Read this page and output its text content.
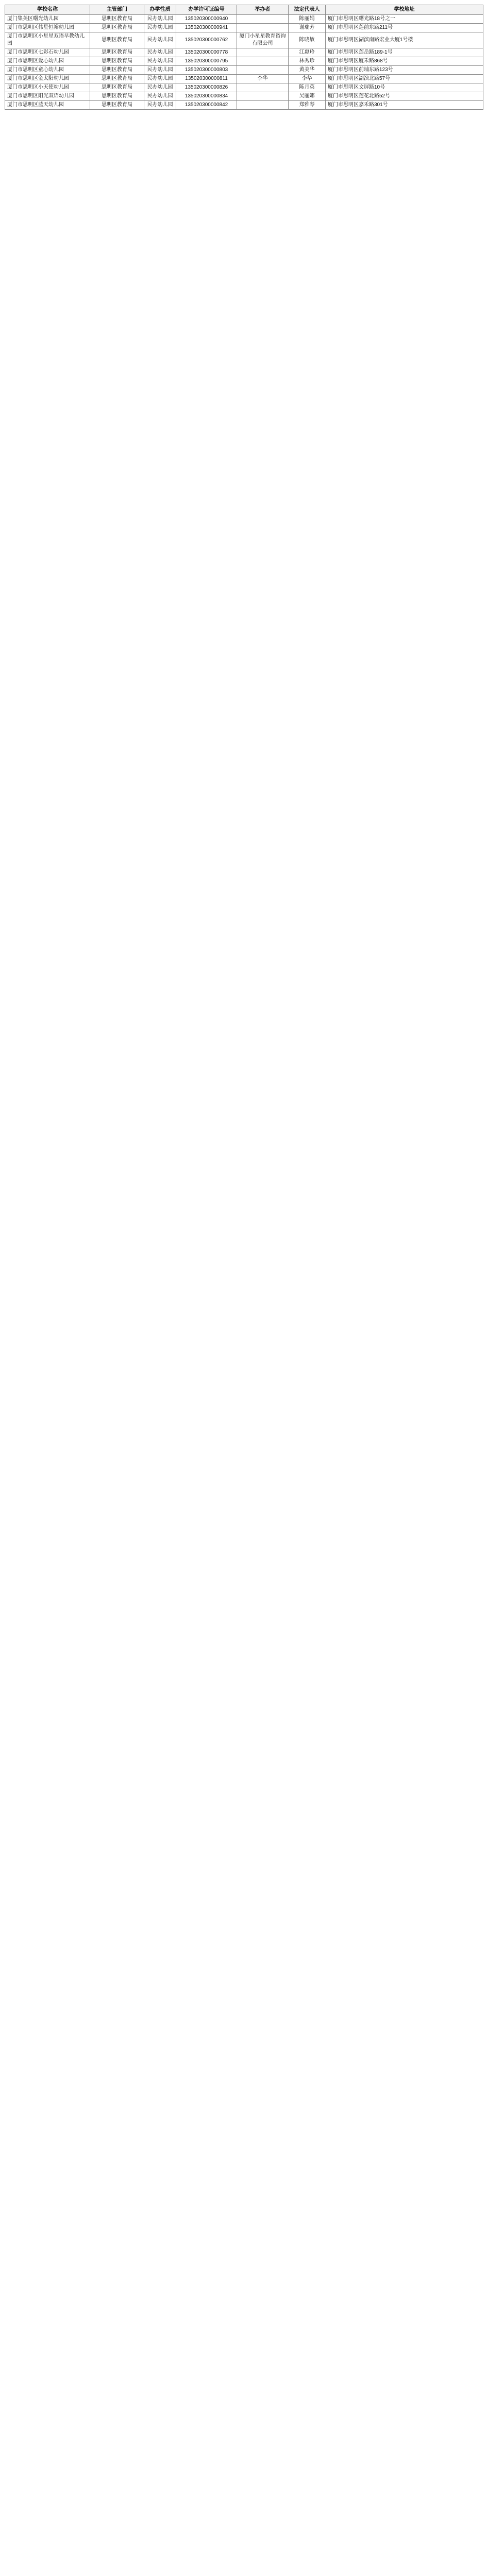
学校名称	主管部门	办学性质	办学许可证编号	举办者	法定代表人	学校地址
厦门集美区曙光幼儿园	思明区教育局	民办幼儿园	135020300000940		陈丽娟	厦门市思明区曙光路18号之一
厦门市思明区伟星恒裕幼儿园	思明区教育局	民办幼儿园	135020300000941		谢瑞芳	厦门市思明区莲前东路211号
厦门市思明区小星星双语早教幼儿园	思明区教育局	民办幼儿园	135020300000762	厦门小星星教育咨询有限公司	陈晓敏	厦门市思明区湖滨南路宏业大厦1号楼
厦门市思明区七彩石幼儿园	思明区教育局	民办幼儿园	135020300000778		江惠玲	厦门市思明区莲岳路189-1号
厦门市思明区爱心幼儿园	思明区教育局	民办幼儿园	135020300000795		林秀珍	厦门市思明区厦禾路868号
厦门市思明区童心幼儿园	思明区教育局	民办幼儿园	135020300000803		黄美华	厦门市思明区前埔东路123号
厦门市思明区金太阳幼儿园	思明区教育局	民办幼儿园	135020300000811	李华	李华	厦门市思明区湖滨北路57号
厦门市思明区小天使幼儿园	思明区教育局	民办幼儿园	135020300000826		陈月英	厦门市思明区文屏路10号
厦门市思明区阳光双语幼儿园	思明区教育局	民办幼儿园	135020300000834		吴丽娜	厦门市思明区莲花北路52号
厦门市思明区蓝天幼儿园	思明区教育局	民办幼儿园	135020300000842		郑雅琴	厦门市思明区嘉禾路301号
